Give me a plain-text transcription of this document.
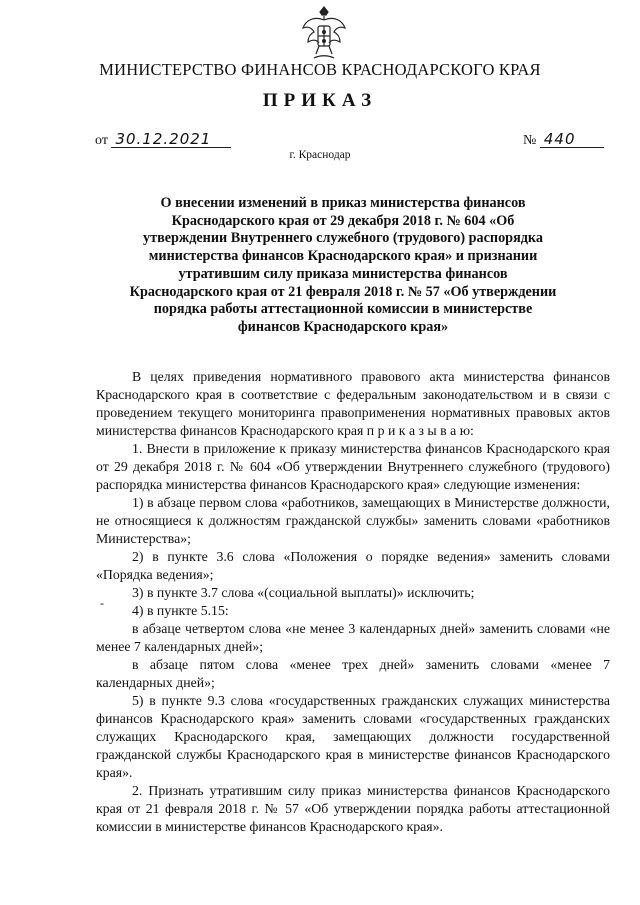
МИНИСТЕРСТВО ФИНАНСОВ КРАСНОДАРСКОГО КРАЯ
ПРИКАЗ
от 30.12.2021	№ 440
г. Краснодар
О внесении изменений в приказ министерства финансов Краснодарского края от 29 декабря 2018 г. № 604 «Об утверждении Внутреннего служебного (трудового) распорядка министерства финансов Краснодарского края» и признании утратившим силу приказа министерства финансов Краснодарского края от 21 февраля 2018 г. № 57 «Об утверждении порядка работы аттестационной комиссии в министерстве финансов Краснодарского края»
-

В целях приведения нормативного правового акта министерства финансов Краснодарского края в соответствие с федеральным законодательством и в связи с проведением текущего мониторинга правоприменения нормативных правовых актов министерства финансов Краснодарского края п р и к а з ы в а ю:

1. Внести в приложение к приказу министерства финансов Краснодарского края от 29 декабря 2018 г. № 604 «Об утверждении Внутреннего служебного (трудового) распорядка министерства финансов Краснодарского края» следующие изменения:

1) в абзаце первом слова «работников, замещающих в Министерстве должности, не относящиеся к должностям гражданской службы» заменить словами «работников Министерства»;

2) в пункте 3.6 слова «Положения о порядке ведения» заменить словами «Порядка ведения»;

3) в пункте 3.7 слова «(социальной выплаты)» исключить;

4) в пункте 5.15:

в абзаце четвертом слова «не менее 3 календарных дней» заменить словами «не менее 7 календарных дней»;

в абзаце пятом слова «менее трех дней» заменить словами «менее 7 календарных дней»;

5) в пункте 9.3 слова «государственных гражданских служащих министерства финансов Краснодарского края» заменить словами «государственных гражданских служащих Краснодарского края, замещающих должности государственной гражданской службы Краснодарского края в министерстве финансов Краснодарского края».

2. Признать утратившим силу приказ министерства финансов Краснодарского края от 21 февраля 2018 г. № 57 «Об утверждении порядка работы аттестационной комиссии в министерстве финансов Краснодарского края».
